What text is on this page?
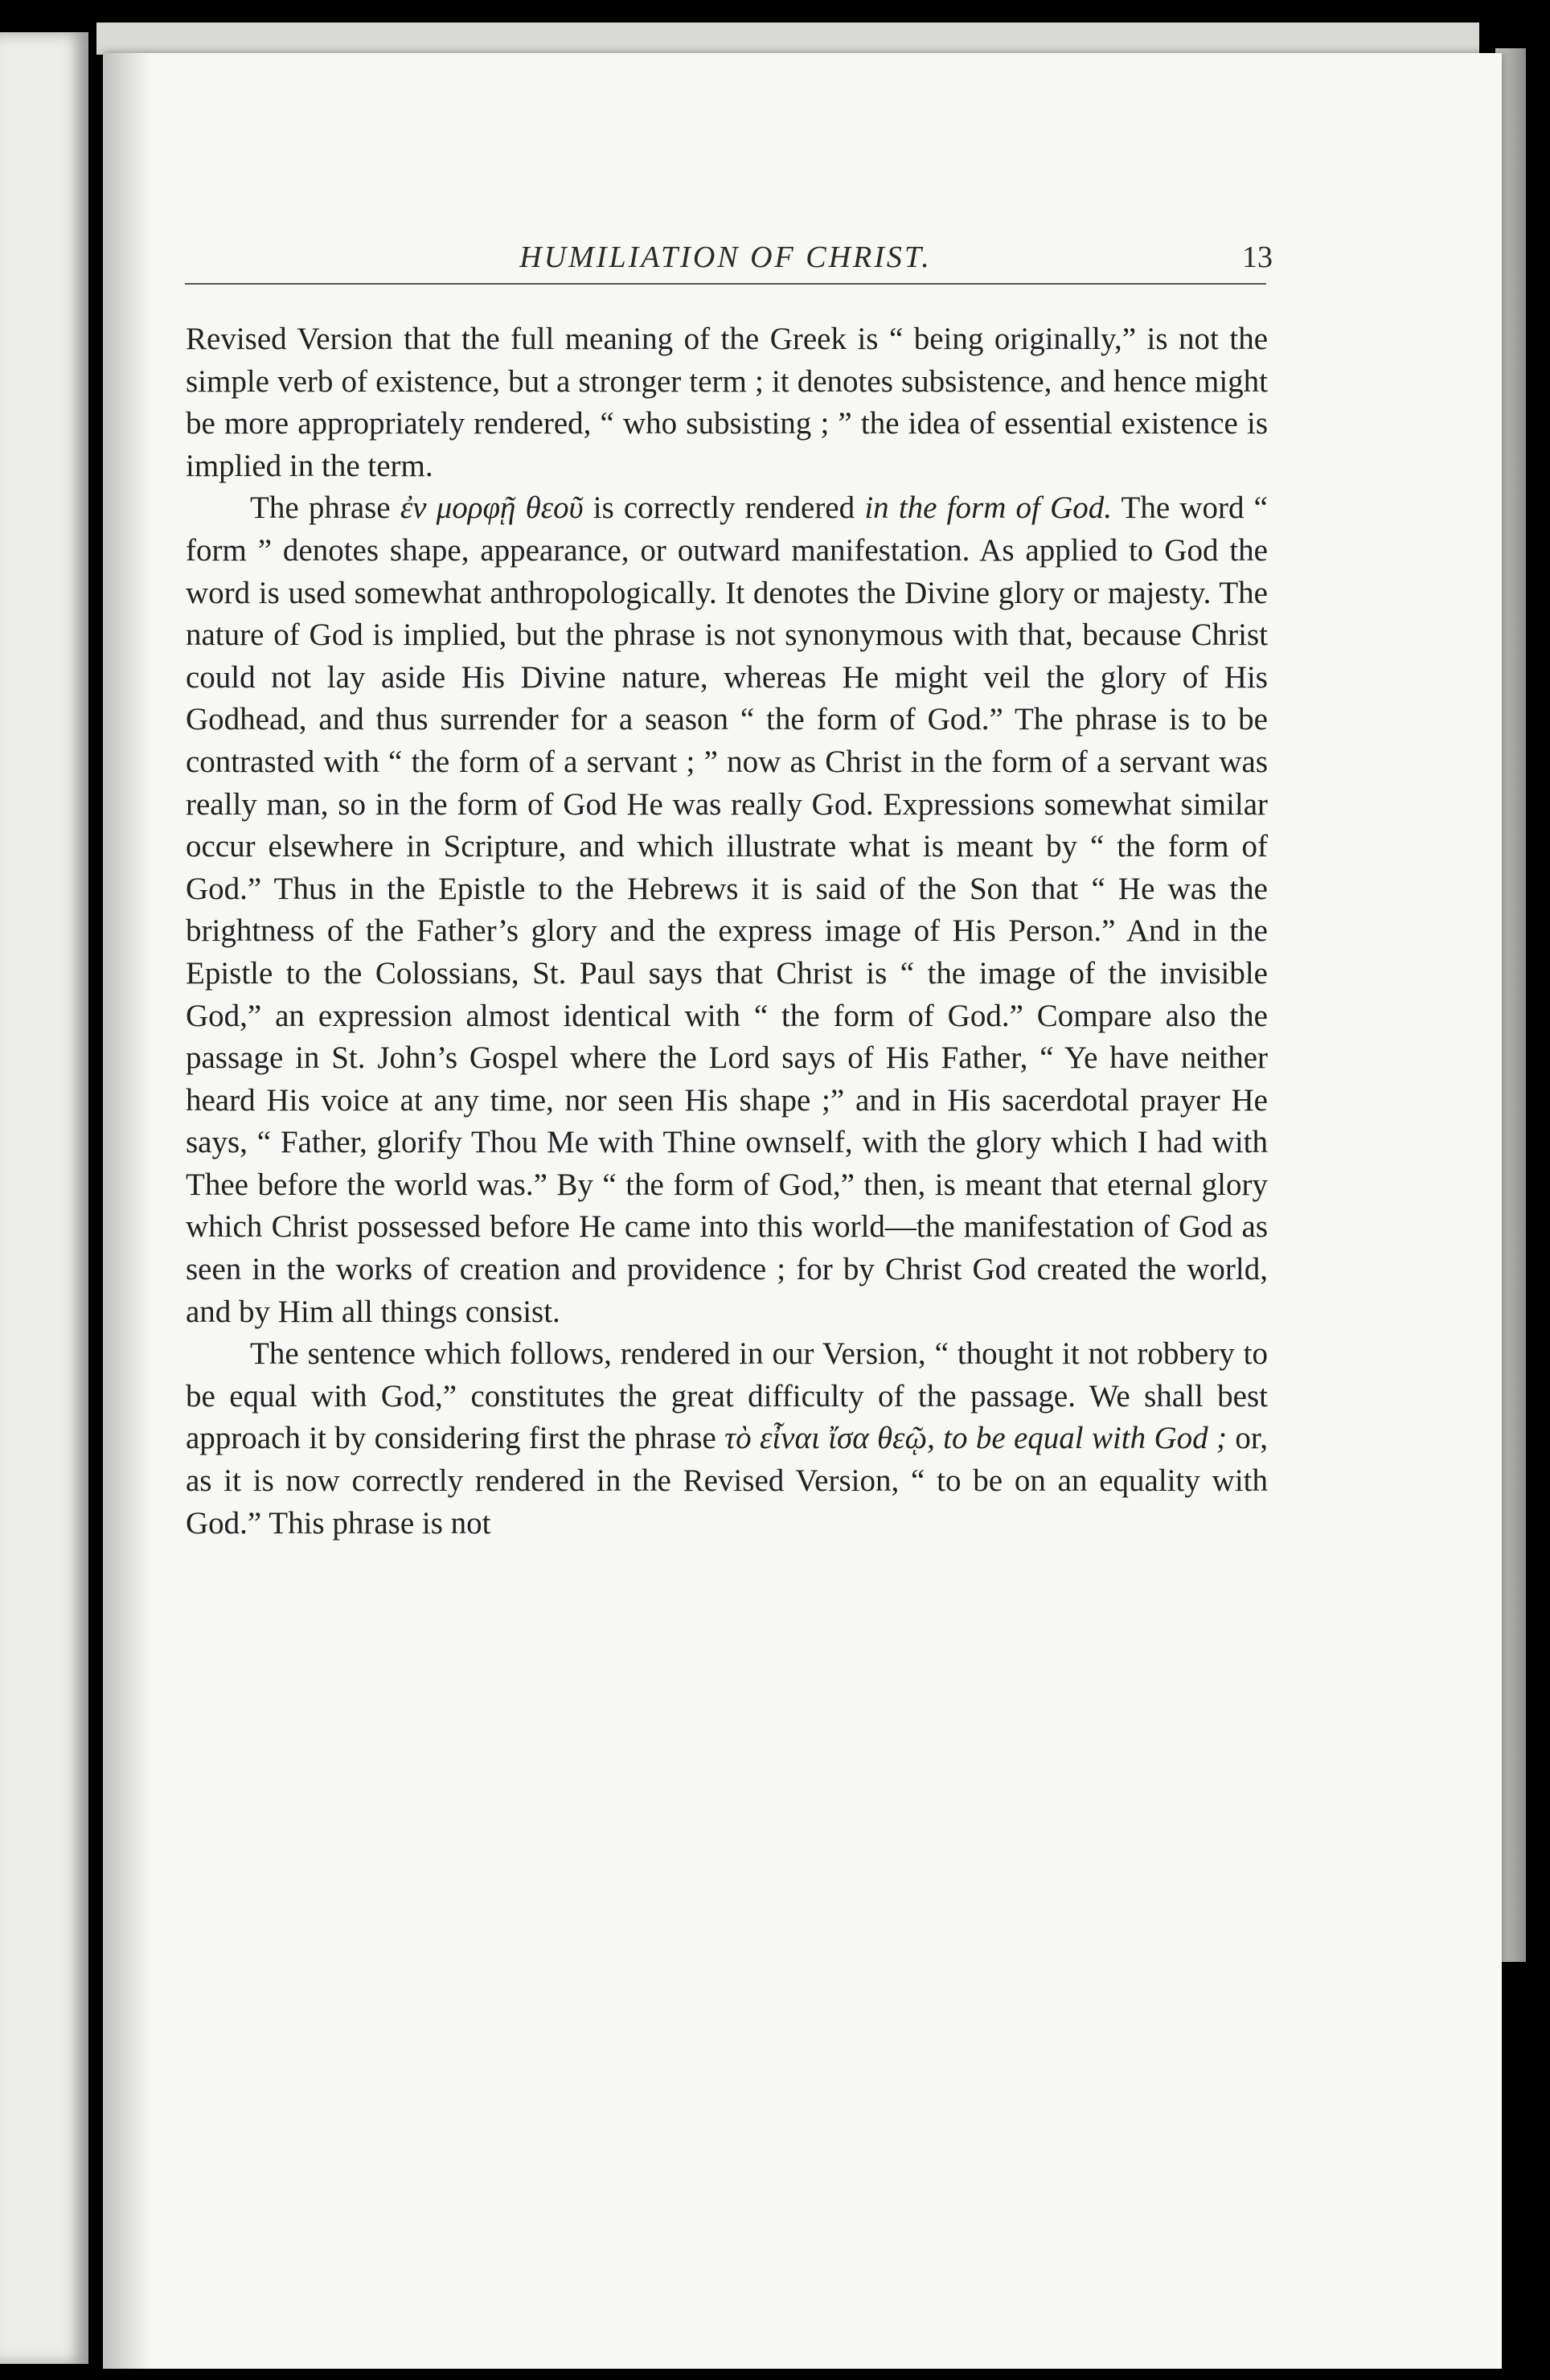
HUMILIATION OF CHRIST.	13

Revised Version that the full meaning of the Greek is “ being originally,” is not the simple verb of existence, but a stronger term ; it denotes subsistence, and hence might be more appropriately rendered, “ who subsisting ; ” the idea of essential existence is implied in the term.

The phrase ἐν μορφῇ θεοῦ is correctly rendered in the form of God. The word “ form ” denotes shape, appearance, or outward manifestation. As applied to God the word is used somewhat anthropologically. It denotes the Divine glory or majesty. The nature of God is implied, but the phrase is not synonymous with that, because Christ could not lay aside His Divine nature, whereas He might veil the glory of His Godhead, and thus surrender for a season “ the form of God.” The phrase is to be contrasted with “ the form of a servant ; ” now as Christ in the form of a servant was really man, so in the form of God He was really God. Expressions somewhat similar occur elsewhere in Scripture, and which illustrate what is meant by “ the form of God.” Thus in the Epistle to the Hebrews it is said of the Son that “ He was the brightness of the Father’s glory and the express image of His Person.” And in the Epistle to the Colossians, St. Paul says that Christ is “ the image of the invisible God,” an expression almost identical with “ the form of God.” Compare also the passage in St. John’s Gospel where the Lord says of His Father, “ Ye have neither heard His voice at any time, nor seen His shape ;” and in His sacerdotal prayer He says, “ Father, glorify Thou Me with Thine ownself, with the glory which I had with Thee before the world was.” By “ the form of God,” then, is meant that eternal glory which Christ possessed before He came into this world—the manifestation of God as seen in the works of creation and providence ; for by Christ God created the world, and by Him all things consist.

The sentence which follows, rendered in our Version, “ thought it not robbery to be equal with God,” constitutes the great difficulty of the passage. We shall best approach it by considering first the phrase τὸ εἶναι ἴσα θεῷ, to be equal with God ; or, as it is now correctly rendered in the Revised Version, “ to be on an equality with God.” This phrase is not
